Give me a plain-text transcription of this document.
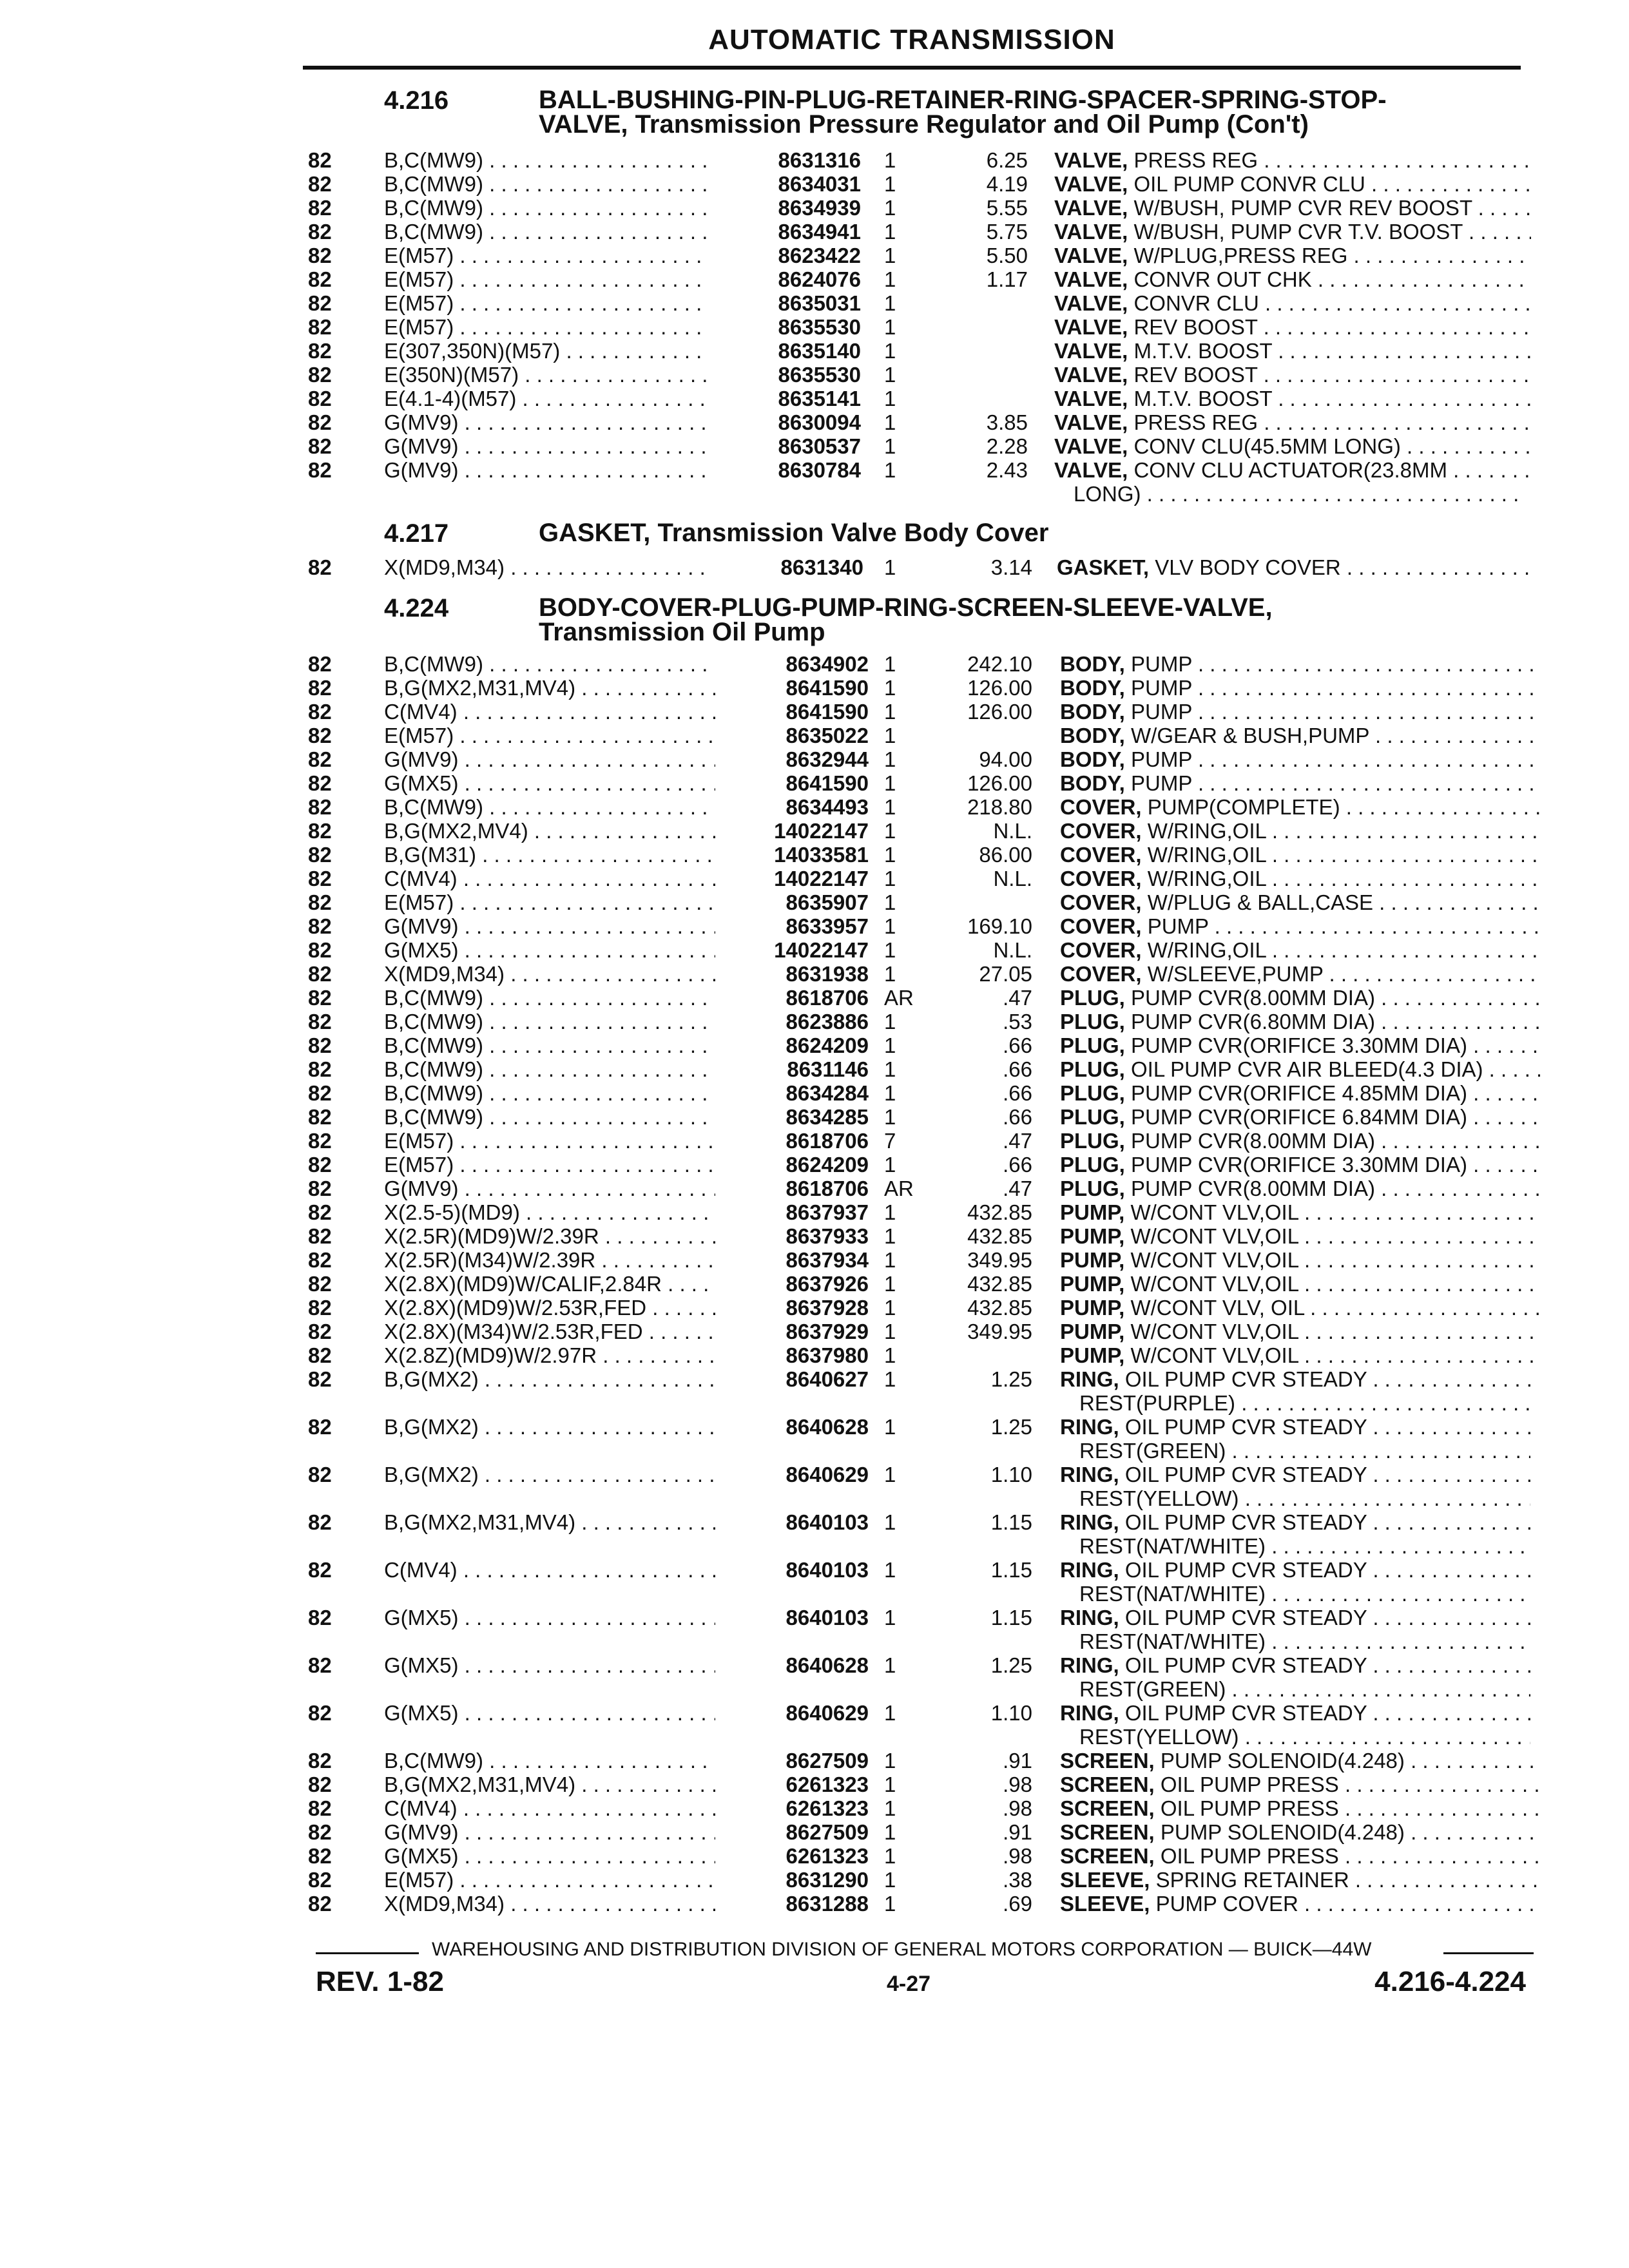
AUTOMATIC TRANSMISSION
4.216	BALL-BUSHING-PIN-PLUG-RETAINER-RING-SPACER-SPRING-STOP-
VALVE, Transmission Pressure Regulator and Oil Pump (Con't)
82 B,C(MW9) . . .	8631316 1	6.25 VALVE, PRESS REG . . .
82 B,C(MW9) . . .	8634031 1	4.19 VALVE, OIL PUMP CONVR CLU . . .
82 B,C(MW9) . . .	8634939 1	5.55 VALVE, W/BUSH, PUMP CVR REV BOOST . . .
82 B,C(MW9) . . .	8634941 1	5.75 VALVE, W/BUSH, PUMP CVR T.V. BOOST . . .
82 E(M57) . . .	8623422 1	5.50 VALVE, W/PLUG,PRESS REG . . .
82 E(M57) . . .	8624076 1	1.17 VALVE, CONVR OUT CHK . . .
82 E(M57) . . .	8635031 1	VALVE, CONVR CLU . . .
82 E(M57) . . .	8635530 1	VALVE, REV BOOST . . .
82 E(307,350N)(M57) . . .	8635140 1	VALVE, M.T.V. BOOST . . .
82 E(350N)(M57) . . .	8635530 1	VALVE, REV BOOST . . .
82 E(4.1-4)(M57) . . .	8635141 1	VALVE, M.T.V. BOOST . . .
82 G(MV9) . . .	8630094 1	3.85 VALVE, PRESS REG . . .
82 G(MV9) . . .	8630537 1	2.28 VALVE, CONV CLU(45.5MM LONG) . . .
82 G(MV9) . . .	8630784 1	2.43 VALVE, CONV CLU ACTUATOR(23.8MM . . .
LONG) . . .
4.217	GASKET, Transmission Valve Body Cover
82 X(MD9,M34) . . .	8631340 1	3.14 GASKET, VLV BODY COVER . . .
4.224	BODY-COVER-PLUG-PUMP-RING-SCREEN-SLEEVE-VALVE,
Transmission Oil Pump
82 B,C(MW9) . . .	8634902 1	242.10 BODY, PUMP . . .
82 B,G(MX2,M31,MV4) . . .	8641590 1	126.00 BODY, PUMP . . .
82 C(MV4) . . .	8641590 1	126.00 BODY, PUMP . . .
82 E(M57) . . .	8635022 1	BODY, W/GEAR & BUSH,PUMP . . .
82 G(MV9) . . .	8632944 1	94.00 BODY, PUMP . . .
82 G(MX5) . . .	8641590 1	126.00 BODY, PUMP . . .
82 B,C(MW9) . . .	8634493 1	218.80 COVER, PUMP(COMPLETE) . . .
82 B,G(MX2,MV4) . . .	14022147 1	N.L. COVER, W/RING,OIL . . .
82 B,G(M31) . . .	14033581 1	86.00 COVER, W/RING,OIL . . .
82 C(MV4) . . .	14022147 1	N.L. COVER, W/RING,OIL . . .
82 E(M57) . . .	8635907 1	COVER, W/PLUG & BALL,CASE . . .
82 G(MV9) . . .	8633957 1	169.10 COVER, PUMP . . .
82 G(MX5) . . .	14022147 1	N.L. COVER, W/RING,OIL . . .
82 X(MD9,M34) . . .	8631938 1	27.05 COVER, W/SLEEVE,PUMP . . .
82 B,C(MW9) . . .	8618706 AR	.47 PLUG, PUMP CVR(8.00MM DIA) . . .
82 B,C(MW9) . . .	8623886 1	.53 PLUG, PUMP CVR(6.80MM DIA) . . .
82 B,C(MW9) . . .	8624209 1	.66 PLUG, PUMP CVR(ORIFICE 3.30MM DIA) . . .
82 B,C(MW9) . . .	8631146 1	.66 PLUG, OIL PUMP CVR AIR BLEED(4.3 DIA) . . .
82 B,C(MW9) . . .	8634284 1	.66 PLUG, PUMP CVR(ORIFICE 4.85MM DIA) . . .
82 B,C(MW9) . . .	8634285 1	.66 PLUG, PUMP CVR(ORIFICE 6.84MM DIA) . . .
82 E(M57) . . .	8618706 7	.47 PLUG, PUMP CVR(8.00MM DIA) . . .
82 E(M57) . . .	8624209 1	.66 PLUG, PUMP CVR(ORIFICE 3.30MM DIA) . . .
82 G(MV9) . . .	8618706 AR	.47 PLUG, PUMP CVR(8.00MM DIA) . . .
82 X(2.5-5)(MD9) . . .	8637937 1	432.85 PUMP, W/CONT VLV,OIL . . .
82 X(2.5R)(MD9)W/2.39R . . .	8637933 1	432.85 PUMP, W/CONT VLV,OIL . . .
82 X(2.5R)(M34)W/2.39R . . .	8637934 1	349.95 PUMP, W/CONT VLV,OIL . . .
82 X(2.8X)(MD9)W/CALIF,2.84R . . .	8637926 1	432.85 PUMP, W/CONT VLV,OIL . . .
82 X(2.8X)(MD9)W/2.53R,FED . . .	8637928 1	432.85 PUMP, W/CONT VLV, OIL . . .
82 X(2.8X)(M34)W/2.53R,FED . . .	8637929 1	349.95 PUMP, W/CONT VLV,OIL . . .
82 X(2.8Z)(MD9)W/2.97R . . .	8637980 1	PUMP, W/CONT VLV,OIL . . .
82 B,G(MX2) . . .	8640627 1	1.25 RING, OIL PUMP CVR STEADY . . .
REST(PURPLE) . . .
82 B,G(MX2) . . .	8640628 1	1.25 RING, OIL PUMP CVR STEADY . . .
REST(GREEN) . . .
82 B,G(MX2) . . .	8640629 1	1.10 RING, OIL PUMP CVR STEADY . . .
REST(YELLOW) . . .
82 B,G(MX2,M31,MV4) . . .	8640103 1	1.15 RING, OIL PUMP CVR STEADY . . .
REST(NAT/WHITE) . . .
82 C(MV4) . . .	8640103 1	1.15 RING, OIL PUMP CVR STEADY . . .
REST(NAT/WHITE) . . .
82 G(MX5) . . .	8640103 1	1.15 RING, OIL PUMP CVR STEADY . . .
REST(NAT/WHITE) . . .
82 G(MX5) . . .	8640628 1	1.25 RING, OIL PUMP CVR STEADY . . .
REST(GREEN) . . .
82 G(MX5) . . .	8640629 1	1.10 RING, OIL PUMP CVR STEADY . . .
REST(YELLOW) . . .
82 B,C(MW9) . . .	8627509 1	.91 SCREEN, PUMP SOLENOID(4.248) . . .
82 B,G(MX2,M31,MV4) . . .	6261323 1	.98 SCREEN, OIL PUMP PRESS . . .
82 C(MV4) . . .	6261323 1	.98 SCREEN, OIL PUMP PRESS . . .
82 G(MV9) . . .	8627509 1	.91 SCREEN, PUMP SOLENOID(4.248) . . .
82 G(MX5) . . .	6261323 1	.98 SCREEN, OIL PUMP PRESS . . .
82 E(M57) . . .	8631290 1	.38 SLEEVE, SPRING RETAINER . . .
82 X(MD9,M34) . . .	8631288 1	.69 SLEEVE, PUMP COVER . . .
WAREHOUSING AND DISTRIBUTION DIVISION OF GENERAL MOTORS CORPORATION — BUICK—44W
REV. 1-82	4-27	4.216-4.224
